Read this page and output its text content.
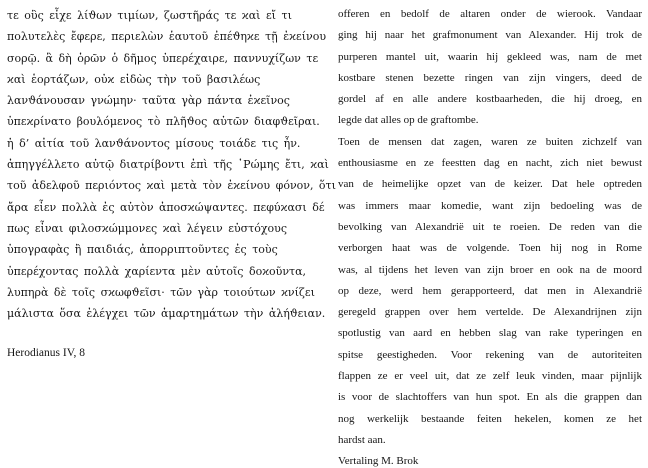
τε οὓς εἶχε λίϑων τιμίων, ζωστῆράς τε ϰαὶ εἴ τι
πολυτελὲς ἔφερε, περιελὼν ἑαυτοῦ ἐπέϑηϰε τῇ ἐϰείνου
σορῷ. ἃ δὴ ὁρῶν ὁ δῆμος ὑπερέχαιρε, παννυχίζων τε
ϰαὶ ἑορτάζων, οὐϰ εἰδὼς τὴν τοῦ βασιλέως
λανϑάνουσαν γνώμην· ταῦτα γὰρ πάντα ἐϰεῖνος
ὑπεϰρίνατο βουλόμενος τὸ πλῆϑος αὐτῶν διαφϑεῖραι.
ἡ δ’ αἰτία τοῦ λανϑάνοντος μίσους τοιάδε τις ἦν.
ἀπηγγέλλετο αὐτῷ διατρίβοντι ἐπὶ τῆς ῾Ρώμης ἔτι, ϰαὶ
τοῦ ἀδελφοῦ περιόντος ϰαὶ μετὰ τὸν ἐϰείνου φόνον, ὅτι
ἄρα εἶεν πολλὰ ἐς αὐτὸν ἀποσϰώψαντες. πεφύϰασι δέ
πως εἶναι φιλοσϰώμμονες ϰαὶ λέγειν εὐστόχους
ὑπογραφὰς ἢ παιδιάς, ἀπορριπτοῦντες ἐς τοὺς
ὑπερέχοντας πολλὰ χαρίεντα μὲν αὐτοῖς δοϰοῦντα,
λυπηρὰ δὲ τοῖς σϰωφϑεῖσι· τῶν γὰρ τοιούτων ϰνίζει
μάλιστα ὅσα ἐλέγχει τῶν ἁμαρτημάτων τὴν ἀλήϑειαν.
Herodianus IV, 8
offeren en bedolf de altaren onder de wierook. Vandaar
ging hij naar het grafmonument van Alexander. Hij trok de
purperen mantel uit, waarin hij gekleed was, nam de met
kostbare stenen bezette ringen van zijn vingers, deed de
gordel af en alle andere kostbaarheden, die hij droeg, en
legde dat alles op de graftombe.
Toen de mensen dat zagen, waren ze buiten zichzelf van
enthousiasme en ze feestten dag en nacht, zich niet bewust
van de heimelijke opzet van de keizer. Dat hele optreden
was immers maar komedie, want zijn bedoeling was de
bevolking van Alexandrië uit te roeien. De reden van die
verborgen haat was de volgende. Toen hij nog in Rome
was, al tijdens het leven van zijn broer en ook na de moord
op deze, werd hem gerapporteerd, dat men in Alexandrië
geregeld grappen over hem vertelde. De Alexandrijnen zijn
spotlustig van aard en hebben slag van rake typeringen en
spitse geestigheden. Voor rekening van de autoriteiten
flappen ze er veel uit, dat ze zelf leuk vinden, maar pijnlijk
is voor de slachtoffers van hun spot. En als die grappen dan
nog werkelijk bestaande feiten hekelen, komen ze het
hardst aan.
Vertaling M. Brok
